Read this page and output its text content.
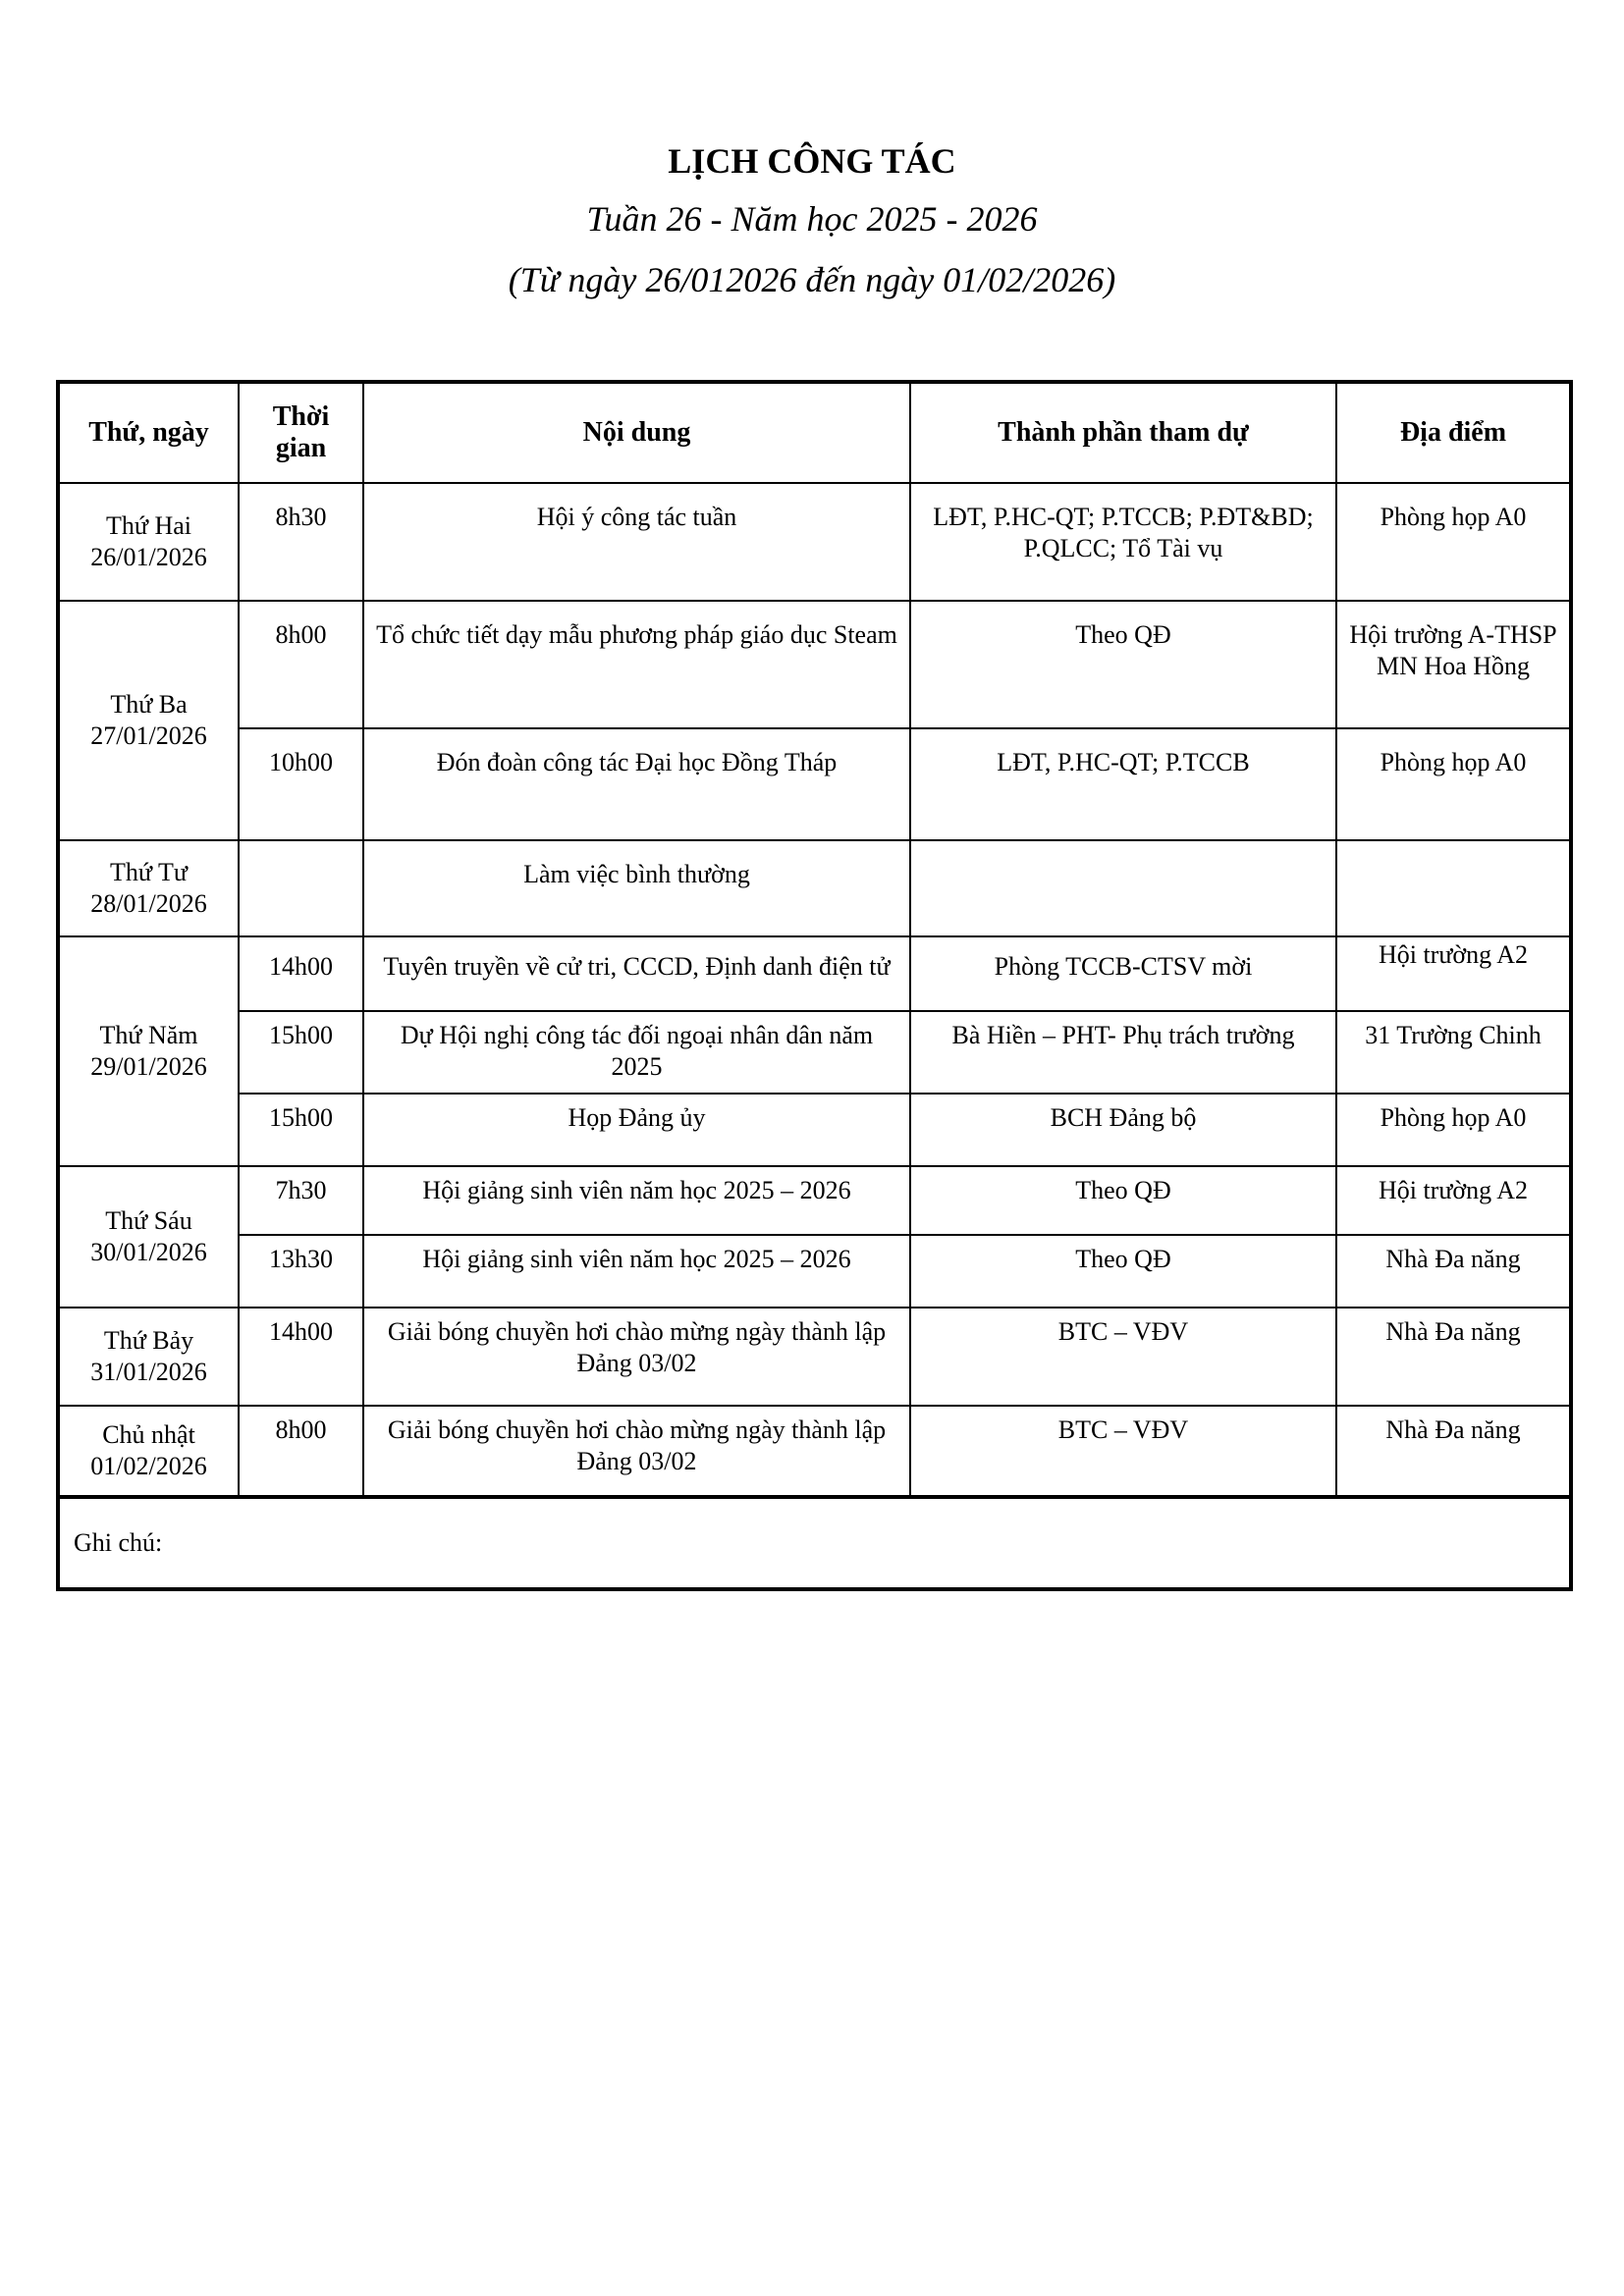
LỊCH CÔNG TÁC

Tuần 26 - Năm học 2025 - 2026

(Từ ngày 26/012026 đến ngày 01/02/2026)

Thứ, ngày	Thời gian	Nội dung	Thành phần tham dự	Địa điểm

Thứ Hai
26/01/2026	8h30	Hội ý công tác tuần	LĐT, P.HC-QT; P.TCCB; P.ĐT&BD; P.QLCC; Tổ Tài vụ	Phòng họp A0

Thứ Ba
27/01/2026	8h00	Tổ chức tiết dạy mẫu phương pháp giáo dục Steam	Theo QĐ	Hội trường A-THSP MN Hoa Hồng
	10h00	Đón đoàn công tác Đại học Đồng Tháp	LĐT, P.HC-QT; P.TCCB	Phòng họp A0

Thứ Tư
28/01/2026		Làm việc bình thường		

Thứ Năm
29/01/2026	14h00	Tuyên truyền về cử tri, CCCD, Định danh điện tử	Phòng TCCB-CTSV mời	Hội trường A2
	15h00	Dự Hội nghị công tác đối ngoại nhân dân năm 2025	Bà Hiền – PHT- Phụ trách trường	31 Trường Chinh
	15h00	Họp Đảng ủy	BCH Đảng bộ	Phòng họp A0

Thứ Sáu
30/01/2026	7h30	Hội giảng sinh viên năm học 2025 – 2026	Theo QĐ	Hội trường A2
	13h30	Hội giảng sinh viên năm học 2025 – 2026	Theo QĐ	Nhà Đa năng

Thứ Bảy
31/01/2026	14h00	Giải bóng chuyền hơi chào mừng ngày thành lập Đảng 03/02	BTC – VĐV	Nhà Đa năng

Chủ nhật
01/02/2026	8h00	Giải bóng chuyền hơi chào mừng ngày thành lập Đảng 03/02	BTC – VĐV	Nhà Đa năng
Ghi chú:				
